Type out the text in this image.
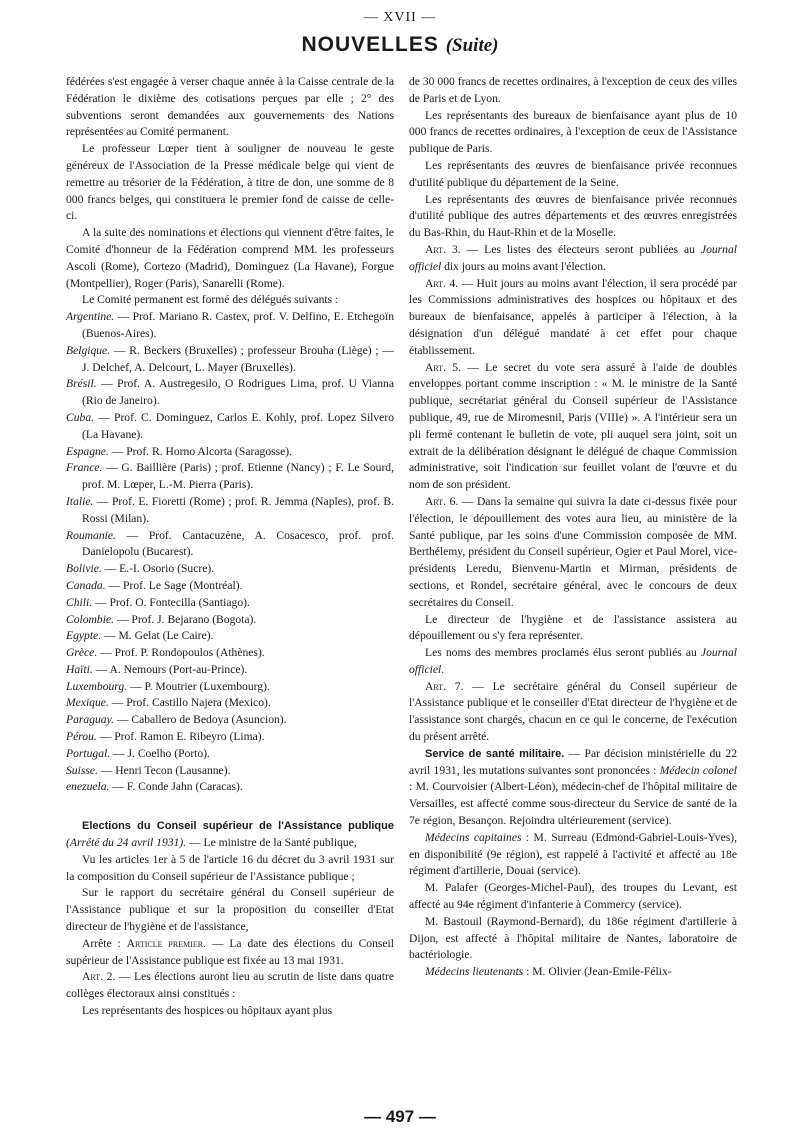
— XVII —
NOUVELLES (Suite)

fédérées s'est engagée à verser chaque année à la Caisse centrale de la Fédération le dixième des cotisations perçues par elle ; 2° des subventions seront demandées aux gouvernements des Nations représentées au Comité permanent.

Le professeur Lœper tient à souligner de nouveau le geste généreux de l'Association de la Presse médicale belge qui vient de remettre au trésorier de la Fédération, à titre de don, une somme de 8 000 francs belges, qui constituera le premier fond de caisse de celle-ci.

A la suite des nominations et élections qui viennent d'être faites, le Comité d'honneur de la Fédération comprend MM. les professeurs Ascoli (Rome), Cortezo (Madrid), Dominguez (La Havane), Forgue (Montpellier), Roger (Paris), Sanarelli (Rome).

Le Comité permanent est formé des délégués suivants :

Argentine. — Prof. Mariano R. Castex, prof. V. Delfino, E. Etchegoïn (Buenos-Aires).

Belgique. — R. Beckers (Bruxelles) ; professeur Brouha (Liège) ; — J. Delchef, A. Delcourt, L. Mayer (Bruxelles).

Brésil. — Prof. A. Austregesilo, O Rodrigues Lima, prof. U Vianna (Rio de Janeiro).

Cuba. — Prof. C. Dominguez, Carlos E. Kohly, prof. Lopez Silvero (La Havane).

Espagne. — Prof. R. Horno Alcorta (Saragosse).

France. — G. Baillière (Paris) ; prof. Etienne (Nancy) ; F. Le Sourd, prof. M. Lœper, L.-M. Pierra (Paris).

Italie. — Prof. E. Fioretti (Rome) ; prof. R. Jemma (Naples), prof. B. Rossi (Milan).

Roumanie. — Prof. Cantacuzène, A. Cosacesco, prof. prof. Danielopolu (Bucarest).

Bolivie. — E.-I. Osorio (Sucre).

Canada. — Prof. Le Sage (Montréal).

Chili. — Prof. O. Fontecilla (Santiago).

Colombie. — Prof. J. Bejarano (Bogota).

Egypte. — M. Gelat (Le Caire).

Grèce. — Prof. P. Rondopoulos (Athènes).

Haïti. — A. Nemours (Port-au-Prince).

Luxembourg. — P. Moutrier (Luxembourg).

Mexique. — Prof. Castillo Najera (Mexico).

Paraguay. — Caballero de Bedoya (Asuncion).

Pérou. — Prof. Ramon E. Ribeyro (Lima).

Portugal. — J. Coelho (Porto).

Suisse. — Henri Tecon (Lausanne).

enezuela. — F. Conde Jahn (Caracas).

Elections du Conseil supérieur de l'Assistance publique (Arrêté du 24 avril 1931). — Le ministre de la Santé publique,

Vu les articles 1er à 5 de l'article 16 du décret du 3 avril 1931 sur la composition du Conseil supérieur de l'Assistance publique ;

Sur le rapport du secrétaire général du Conseil supérieur de l'Assistance publique et sur la proposition du conseiller d'Etat directeur de l'hygiène et de l'assistance,

Arrête : Article premier. — La date des élections du Conseil supérieur de l'Assistance publique est fixée au 13 mai 1931.

Art. 2. — Les élections auront lieu au scrutin de liste dans quatre collèges électoraux ainsi constitués :

Les représentants des hospices ou hôpitaux ayant plus

de 30 000 francs de recettes ordinaires, à l'exception de ceux des villes de Paris et de Lyon.

Les représentants des bureaux de bienfaisance ayant plus de 10 000 francs de recettes ordinaires, à l'exception de ceux de l'Assistance publique de Paris.

Les représentants des œuvres de bienfaisance privée reconnues d'utilité publique du département de la Seine.

Les représentants des œuvres de bienfaisance privée reconnues d'utilité publique des autres départements et des œuvres enregistrées du Bas-Rhin, du Haut-Rhin et de la Moselle.

Art. 3. — Les listes des électeurs seront publiées au Journal officiel dix jours au moins avant l'élection.

Art. 4. — Huit jours au moins avant l'élection, il sera procédé par les Commissions administratives des hospices ou hôpitaux et des bureaux de bienfaisance, appelés à participer à l'élection, à la désignation d'un délégué mandaté à cet effet pour chaque établissement.

Art. 5. — Le secret du vote sera assuré à l'aide de doubles enveloppes portant comme inscription : « M. le ministre de la Santé publique, secrétariat général du Conseil supérieur de l'Assistance publique, 49, rue de Miromesnil, Paris (VIIIe) ». A l'intérieur sera un pli fermé contenant le bulletin de vote, pli auquel sera joint, soit un extrait de la délibération désignant le délégué de chaque Commission administrative, soit l'indication sur feuillet volant de l'œuvre et du nom de son président.

Art. 6. — Dans la semaine qui suivra la date ci-dessus fixée pour l'élection, le dépouillement des votes aura lieu, au ministère de la Santé publique, par les soins d'une Commission composée de MM. Berthélemy, président du Conseil supérieur, Ogier et Paul Morel, vice-présidents Leredu, Bienvenu-Martin et Mirman, présidents de sections, et Rondel, secrétaire général, avec le concours de deux secrétaires du Conseil.

Le directeur de l'hygiène et de l'assistance assistera au dépouillement ou s'y fera représenter.

Les noms des membres proclamés élus seront publiés au Journal officiel.

Art. 7. — Le secrétaire général du Conseil supérieur de l'Assistance publique et le conseiller d'Etat directeur de l'hygiène et de l'assistance sont chargés, chacun en ce qui le concerne, de l'exécution du présent arrêté.

Service de santé militaire. — Par décision ministérielle du 22 avril 1931, les mutations suivantes sont prononcées : Médecin colonel : M. Courvoisier (Albert-Léon), médecin-chef de l'hôpital militaire de Versailles, est affecté comme sous-directeur du Service de santé de la 7e région, Besançon. Rejoindra ultérieurement (service).

Médecins capitaines : M. Surreau (Edmond-Gabriel-Louis-Yves), en disponibilité (9e région), est rappelé à l'activité et affecté au 18e régiment d'artillerie, Douai (service).

M. Palafer (Georges-Michel-Paul), des troupes du Levant, est affecté au 94e régiment d'infanterie à Commercy (service).

M. Bastouil (Raymond-Bernard), du 186e régiment d'artillerie à Dijon, est affecté à l'hôpital militaire de Nantes, laboratoire de bactériologie.

Médecins lieutenants : M. Olivier (Jean-Emile-Félix-

— 497 —
